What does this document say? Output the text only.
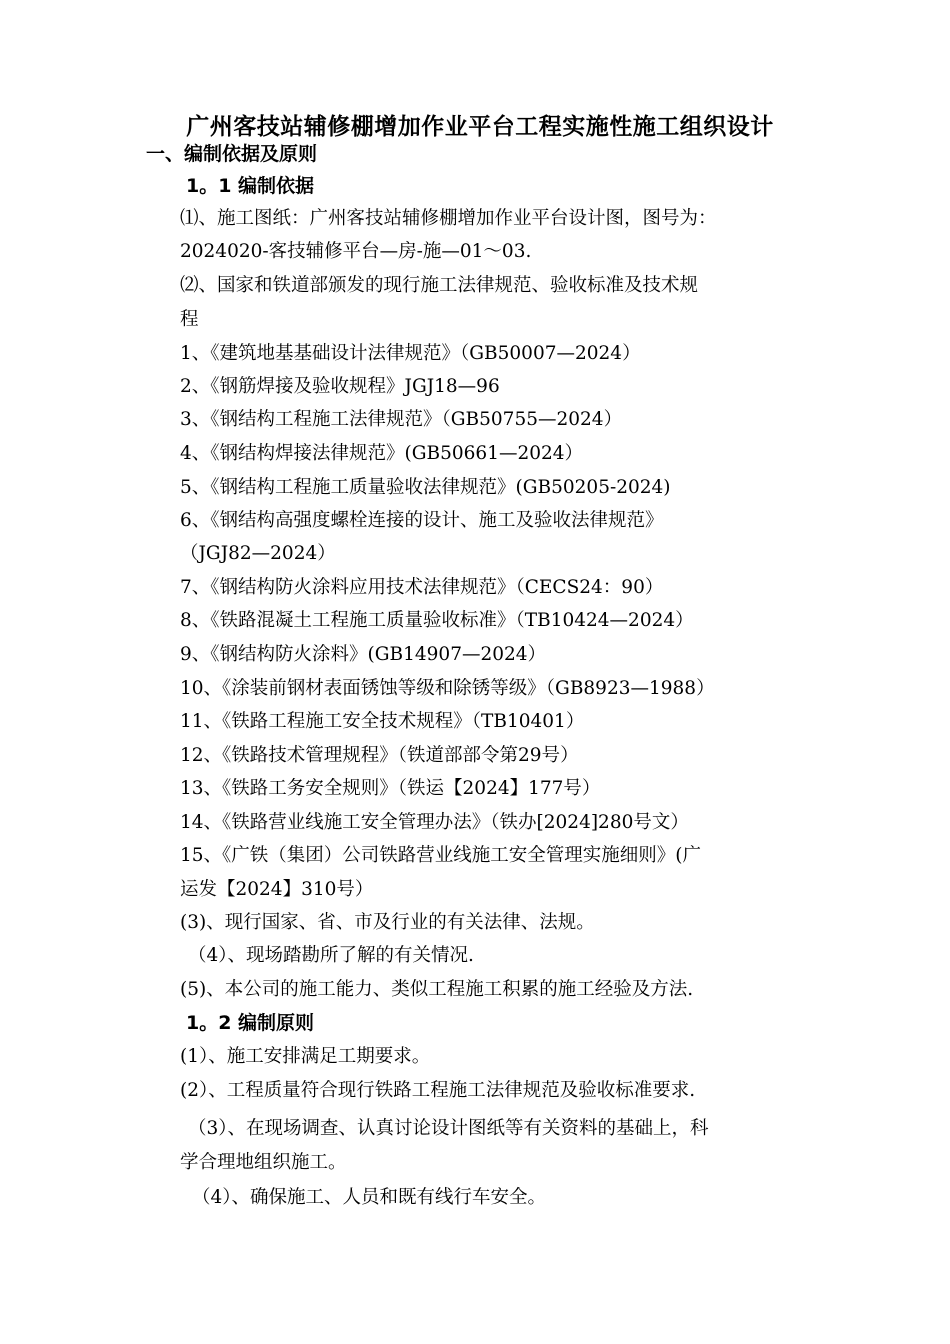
广州客技站辅修棚增加作业平台工程实施性施工组织设计
一、编制依据及原则
1。1 编制依据
⑴、施工图纸：广州客技站辅修棚增加作业平台设计图，图号为：
2024020-客技辅修平台—房-施—01～03.
⑵、国家和铁道部颁发的现行施工法律规范、验收标准及技术规
程
1、《建筑地基基础设计法律规范》（GB50007—2024）
2、《钢筋焊接及验收规程》JGJ18—96
3、《钢结构工程施工法律规范》（GB50755—2024）
4、《钢结构焊接法律规范》(GB50661—2024）
5、《钢结构工程施工质量验收法律规范》(GB50205-2024)
6、《钢结构高强度螺栓连接的设计、施工及验收法律规范》
（JGJ82—2024）
7、《钢结构防火涂料应用技术法律规范》（CECS24：90）
8、《铁路混凝土工程施工质量验收标准》（TB10424—2024）
9、《钢结构防火涂料》(GB14907—2024）
10、《涂装前钢材表面锈蚀等级和除锈等级》（GB8923—1988）
11、《铁路工程施工安全技术规程》（TB10401）
12、《铁路技术管理规程》（铁道部部令第29号）
13、《铁路工务安全规则》（铁运【2024】177号）
14、《铁路营业线施工安全管理办法》（铁办[2024]280号文）
15、《广铁（集团）公司铁路营业线施工安全管理实施细则》(广
运发【2024】310号）
(3)、现行国家、省、市及行业的有关法律、法规。
（4）、现场踏勘所了解的有关情况.
(5)、本公司的施工能力、类似工程施工积累的施工经验及方法.
1。2 编制原则
(1）、施工安排满足工期要求。
(2）、工程质量符合现行铁路工程施工法律规范及验收标准要求.
（3）、在现场调查、认真讨论设计图纸等有关资料的基础上，科
学合理地组织施工。
（4）、确保施工、人员和既有线行车安全。
